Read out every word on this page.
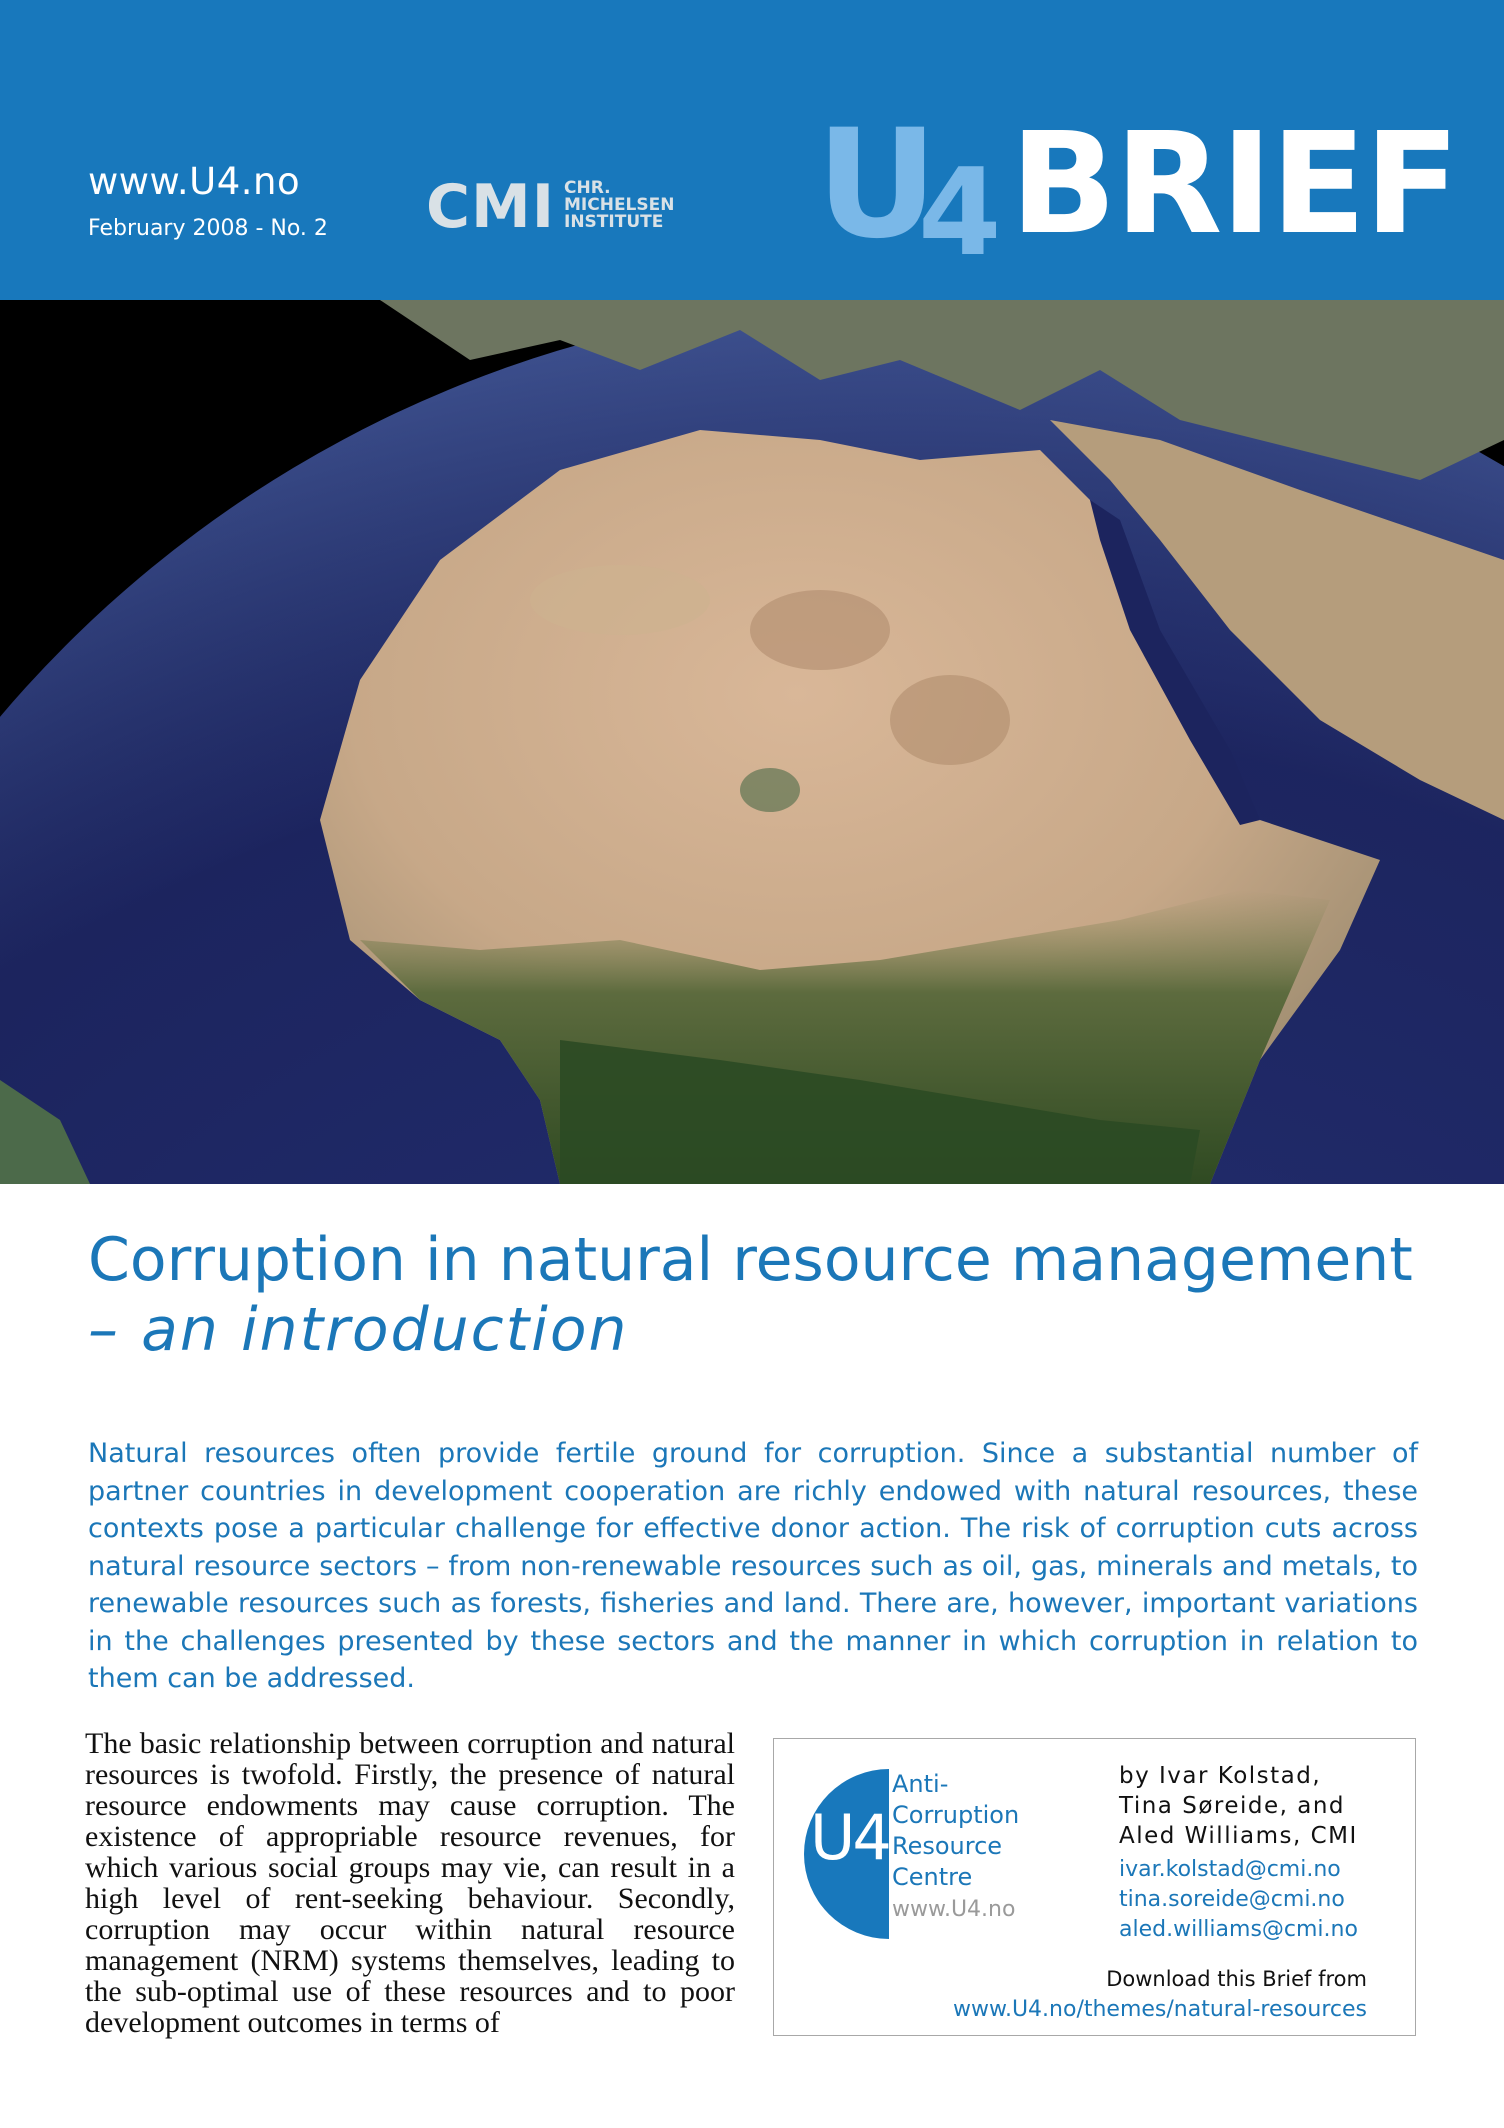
www.U4.no

February 2008 - No. 2 CMI CHR.
MICHELSEN
INSTITUTE U

4 BRIEF

Corruption in natural resource management
– an introduction

Natural resources often provide fertile ground for corruption. Since a substantial number of partner countries in development cooperation are richly endowed with natural resources, these contexts pose a particular challenge for effective donor action. The risk of corruption cuts across natural resource sectors – from non-renewable resources such as oil, gas, minerals and metals, to renewable resources such as forests, fisheries and land. There are, however, important variations in the challenges presented by these sectors and the manner in which corruption in relation to them can be addressed.

The basic relationship between corruption and natural resources is twofold. Firstly, the presence of natural resource endowments may cause corruption. The existence of appropriable resource revenues, for which various social groups may vie, can result in a high level of rent-seeking behaviour. Secondly, corruption may occur within natural resource management (NRM) systems themselves, leading to the sub-optimal use of these resources and to poor development outcomes in terms of

U4

Anti-
Corruption
Resource
Centre

www.U4.no

by Ivar Kolstad,
Tina Søreide, and
Aled Williams, CMI

ivar.kolstad@cmi.no
tina.soreide@cmi.no
aled.williams@cmi.no

Download this Brief from

www.U4.no/themes/natural-resources
